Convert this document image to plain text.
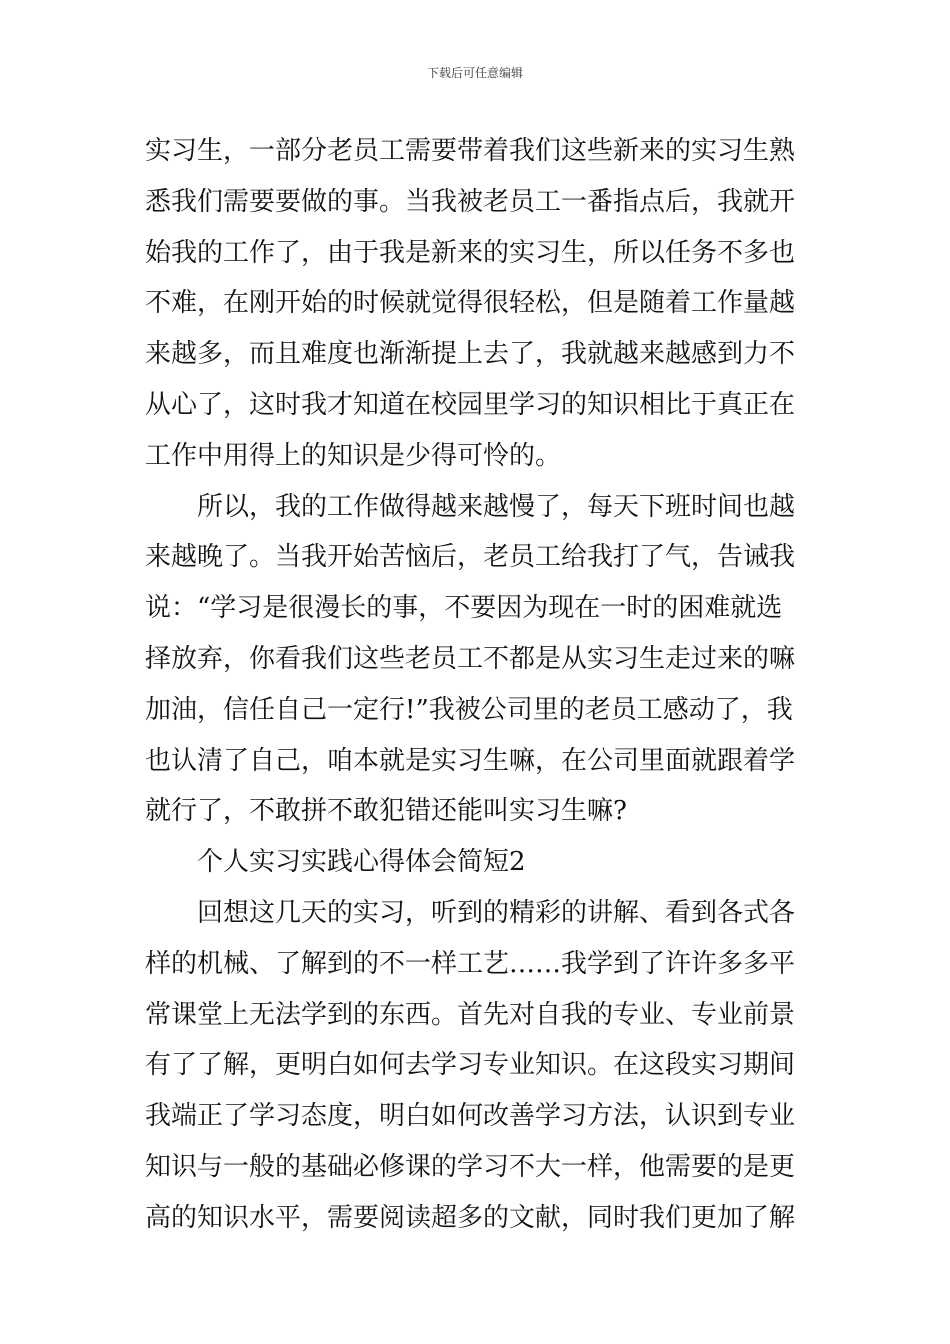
下载后可任意编辑
实习生，一部分老员工需要带着我们这些新来的实习生熟
悉我们需要要做的事。当我被老员工一番指点后，我就开
始我的工作了，由于我是新来的实习生，所以任务不多也
不难，在刚开始的时候就觉得很轻松，但是随着工作量越
来越多，而且难度也渐渐提上去了，我就越来越感到力不
从心了，这时我才知道在校园里学习的知识相比于真正在
工作中用得上的知识是少得可怜的。
所以，我的工作做得越来越慢了，每天下班时间也越
来越晚了。当我开始苦恼后，老员工给我打了气，告诫我
说：“学习是很漫长的事，不要因为现在一时的困难就选
择放弃，你看我们这些老员工不都是从实习生走过来的嘛
加油，信任自己一定行!”我被公司里的老员工感动了，我
也认清了自己，咱本就是实习生嘛，在公司里面就跟着学
就行了，不敢拼不敢犯错还能叫实习生嘛?
个人实习实践心得体会简短2
回想这几天的实习，听到的精彩的讲解、看到各式各
样的机械、了解到的不一样工艺……我学到了许许多多平
常课堂上无法学到的东西。首先对自我的专业、专业前景
有了了解，更明白如何去学习专业知识。在这段实习期间
我端正了学习态度，明白如何改善学习方法，认识到专业
知识与一般的基础必修课的学习不大一样，他需要的是更
高的知识水平，需要阅读超多的文献，同时我们更加了解
